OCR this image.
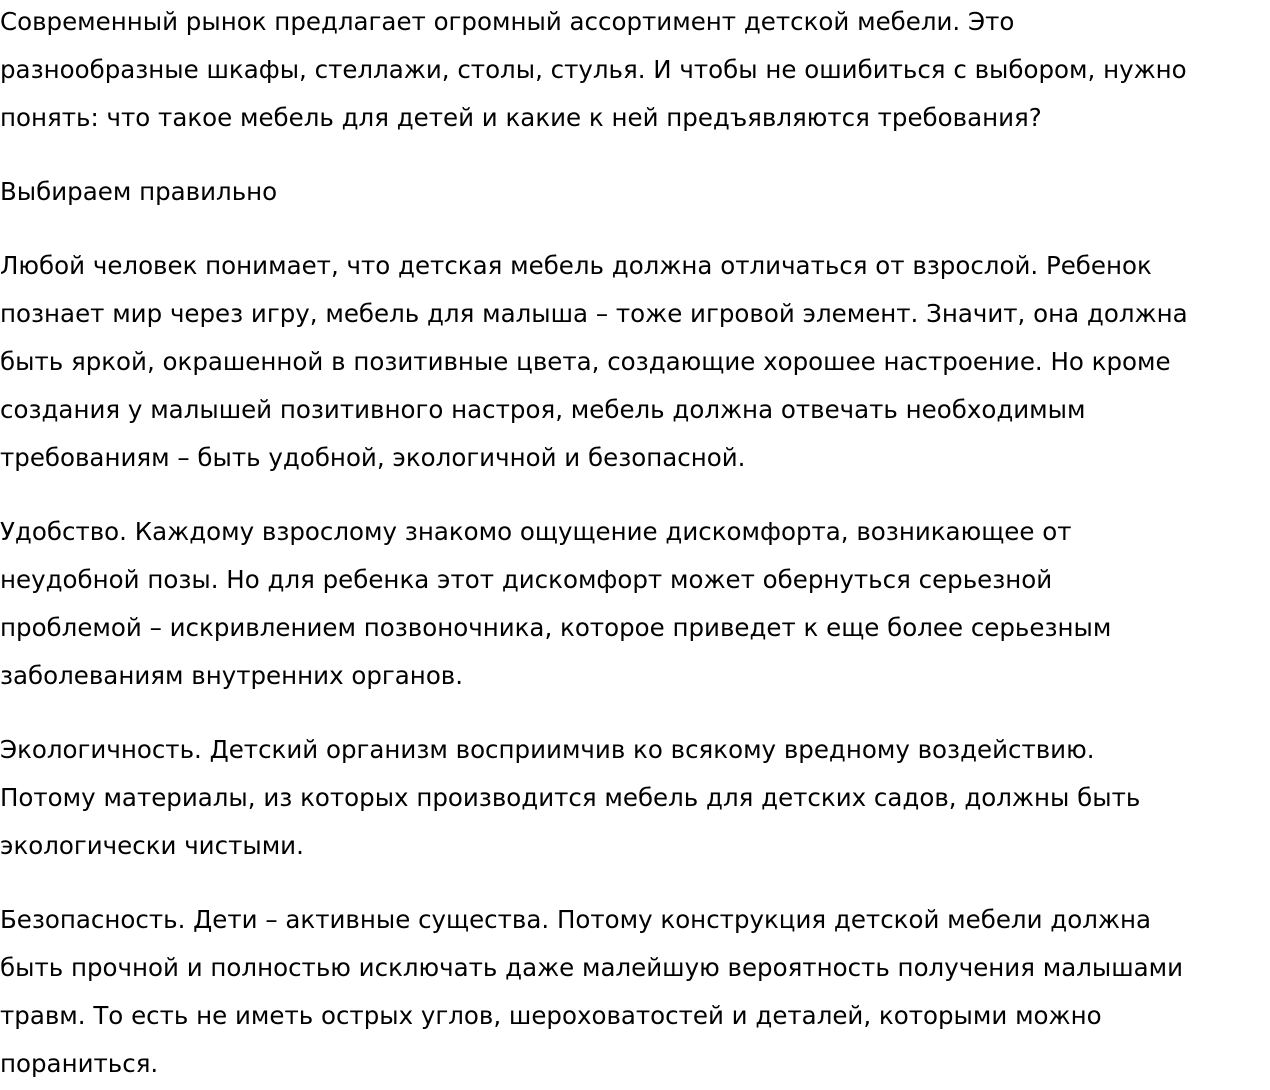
Современный рынок предлагает огромный ассортимент детской мебели. Это
разнообразные шкафы, стеллажи, столы, стулья. И чтобы не ошибиться с выбором, нужно
понять: что такое мебель для детей и какие к ней предъявляются требования?

Выбираем правильно

Любой человек понимает, что детская мебель должна отличаться от взрослой. Ребенок
познает мир через игру, мебель для малыша – тоже игровой элемент. Значит, она должна
быть яркой, окрашенной в позитивные цвета, создающие хорошее настроение. Но кроме
создания у малышей позитивного настроя, мебель должна отвечать необходимым
требованиям – быть удобной, экологичной и безопасной.

Удобство. Каждому взрослому знакомо ощущение дискомфорта, возникающее от
неудобной позы. Но для ребенка этот дискомфорт может обернуться серьезной
проблемой – искривлением позвоночника, которое приведет к еще более серьезным
заболеваниям внутренних органов.

Экологичность. Детский организм восприимчив ко всякому вредному воздействию.
Потому материалы, из которых производится мебель для детских садов, должны быть
экологически чистыми.

Безопасность. Дети – активные существа. Потому конструкция детской мебели должна
быть прочной и полностью исключать даже малейшую вероятность получения малышами
травм. То есть не иметь острых углов, шероховатостей и деталей, которыми можно
пораниться.
